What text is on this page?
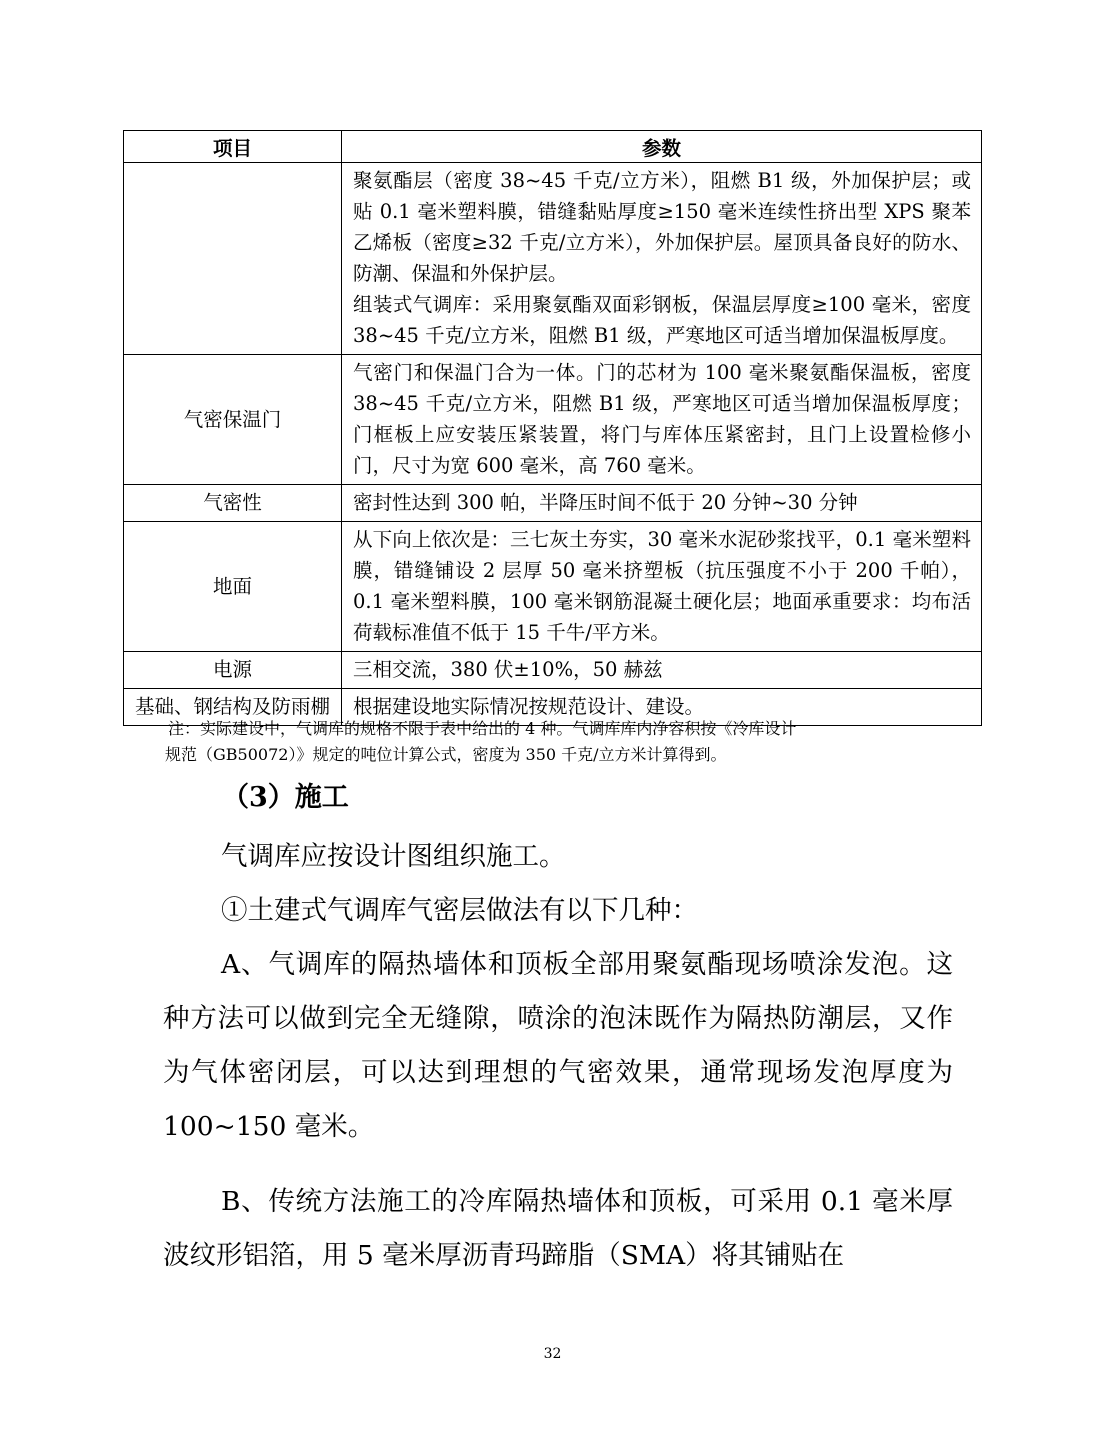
项目	参数

	聚氨酯层（密度 38~45 千克/立方米），阻燃 B1 级，外加保护层；或贴 0.1 毫米塑料膜，错缝黏贴厚度≥150 毫米连续性挤出型 XPS 聚苯乙烯板（密度≥32 千克/立方米），外加保护层。屋顶具备良好的防水、防潮、保温和外保护层。

组装式气调库：采用聚氨酯双面彩钢板，保温层厚度≥100 毫米，密度 38~45 千克/立方米，阻燃 B1 级，严寒地区可适当增加保温板厚度。

气密保温门	气密门和保温门合为一体。门的芯材为 100 毫米聚氨酯保温板，密度 38~45 千克/立方米，阻燃 B1 级，严寒地区可适当增加保温板厚度；门框板上应安装压紧装置，将门与库体压紧密封，且门上设置检修小门，尺寸为宽 600 毫米，高 760 毫米。

气密性	密封性达到 300 帕，半降压时间不低于 20 分钟~30 分钟

地面	从下向上依次是：三七灰土夯实，30 毫米水泥砂浆找平，0.1 毫米塑料膜，错缝铺设 2 层厚 50 毫米挤塑板（抗压强度不小于 200 千帕），0.1 毫米塑料膜，100 毫米钢筋混凝土硬化层；地面承重要求：均布活荷载标准值不低于 15 千牛/平方米。

电源	三相交流，380 伏±10%，50 赫兹

基础、钢结构及防雨棚	根据建设地实际情况按规范设计、建设。

注：实际建设中，气调库的规格不限于表中给出的 4 种。气调库库内净容积按《冷库设计

规范（GB50072）》规定的吨位计算公式，密度为 350 千克/立方米计算得到。

（3）施工

气调库应按设计图组织施工。

①土建式气调库气密层做法有以下几种：

A、气调库的隔热墙体和顶板全部用聚氨酯现场喷涂发泡。这种方法可以做到完全无缝隙，喷涂的泡沫既作为隔热防潮层，又作为气体密闭层，可以达到理想的气密效果，通常现场发泡厚度为 100~150 毫米。

B、传统方法施工的冷库隔热墙体和顶板，可采用 0.1 毫米厚波纹形铝箔，用 5 毫米厚沥青玛蹄脂（SMA）将其铺贴在

32
